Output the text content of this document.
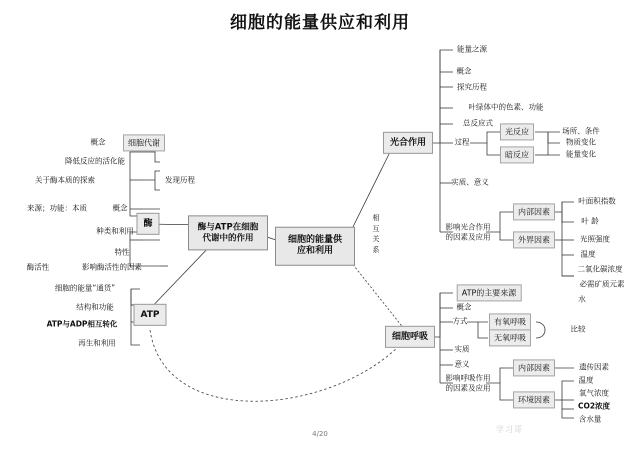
细胞的能量供应和利用
细胞的能量供应和利用
酶与ATP在细胞代谢中的作用
酶
ATP
细胞代谢
概念
降低反应的活化能
关于酶本质的探索	发现历程
来源；功能：本质	概念
种类和利用
特性
酶活性	影响酶活性的因素
细胞的能量“通货”
结构和功能
ATP与ADP相互转化
再生和利用
相 互 关 系
光合作用
能量之源
概念
探究历程
叶绿体中的色素、功能
总反应式
过程
光反应
暗反应
场所、条件
物质变化
能量变化
实质、意义
影响光合作用的因素及应用
内部因素
外界因素
叶面积指数
叶 龄
光照强度
温度
二氧化碳浓度
必需矿质元素
水
细胞呼吸
ATP的主要来源
概念
方式	有氧呼吸
无氧呼吸
比较
实质
意义
影响呼吸作用的因素及应用
内部因素
环境因素
遗传因素
温度
氧气浓度
CO2浓度
含水量
学习哥
4/20
